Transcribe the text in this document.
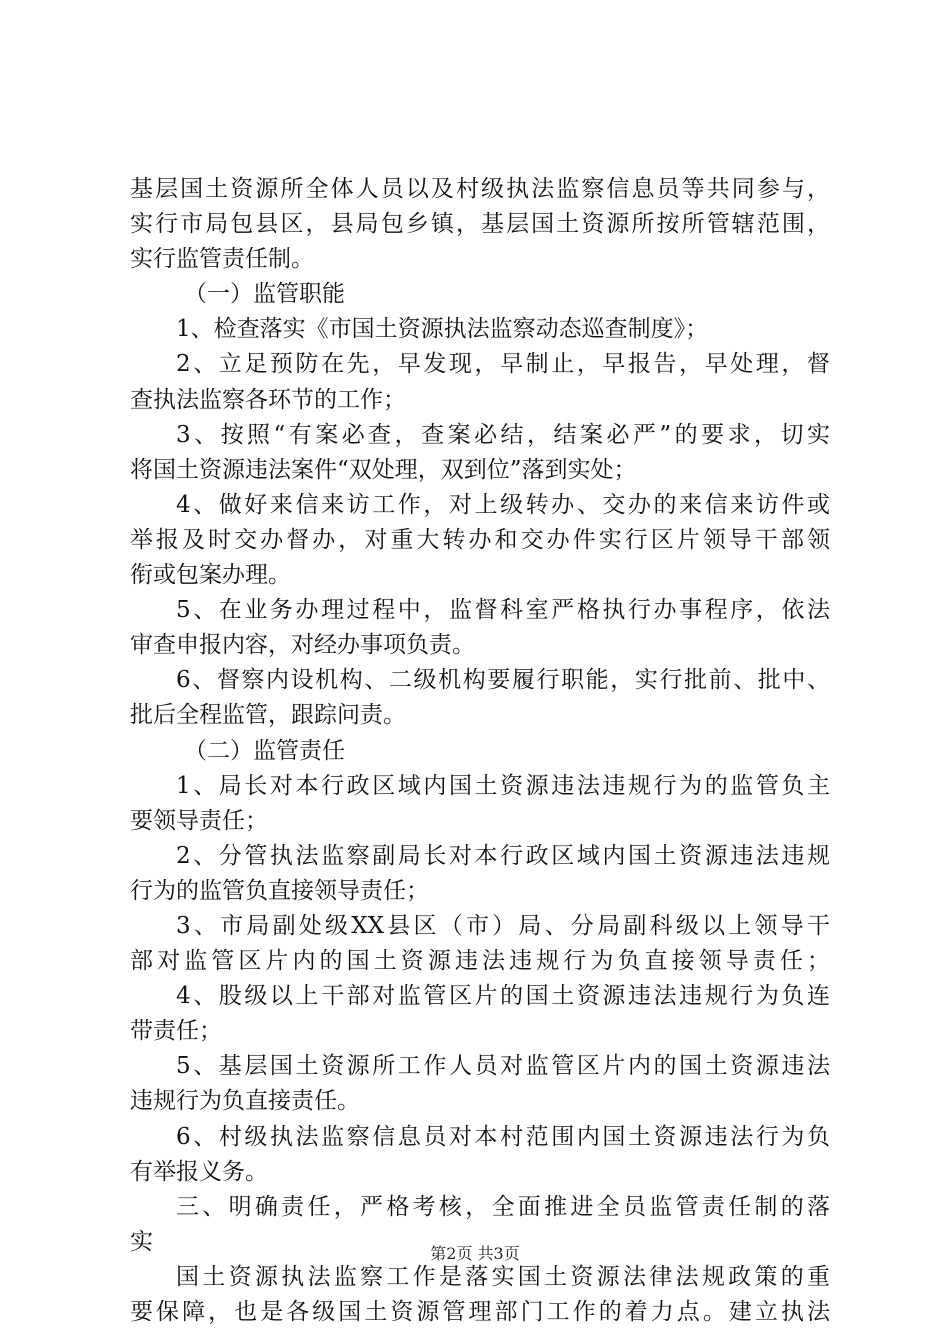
基层国土资源所全体人员以及村级执法监察信息员等共同参与，
实行市局包县区，县局包乡镇，基层国土资源所按所管辖范围，
实行监管责任制。
（一）监管职能
1、检查落实《市国土资源执法监察动态巡查制度》；
2、立足预防在先，早发现，早制止，早报告，早处理，督
查执法监察各环节的工作；
3、按照“有案必查，查案必结，结案必严”的要求，切实
将国土资源违法案件“双处理，双到位”落到实处；
4、做好来信来访工作，对上级转办、交办的来信来访件或
举报及时交办督办，对重大转办和交办件实行区片领导干部领
衔或包案办理。
5、在业务办理过程中，监督科室严格执行办事程序，依法
审查申报内容，对经办事项负责。
6、督察内设机构、二级机构要履行职能，实行批前、批中、
批后全程监管，跟踪问责。
（二）监管责任
1、局长对本行政区域内国土资源违法违规行为的监管负主
要领导责任；
2、分管执法监察副局长对本行政区域内国土资源违法违规
行为的监管负直接领导责任；
3、市局副处级XX县区（市）局、分局副科级以上领导干
部对监管区片内的国土资源违法违规行为负直接领导责任；
4、股级以上干部对监管区片的国土资源违法违规行为负连
带责任；
5、基层国土资源所工作人员对监管区片内的国土资源违法
违规行为负直接责任。
6、村级执法监察信息员对本村范围内国土资源违法行为负
有举报义务。
三、明确责任，严格考核，全面推进全员监管责任制的落
实
国土资源执法监察工作是落实国土资源法律法规政策的重
要保障，也是各级国土资源管理部门工作的着力点。建立执法
第2页 共3页
